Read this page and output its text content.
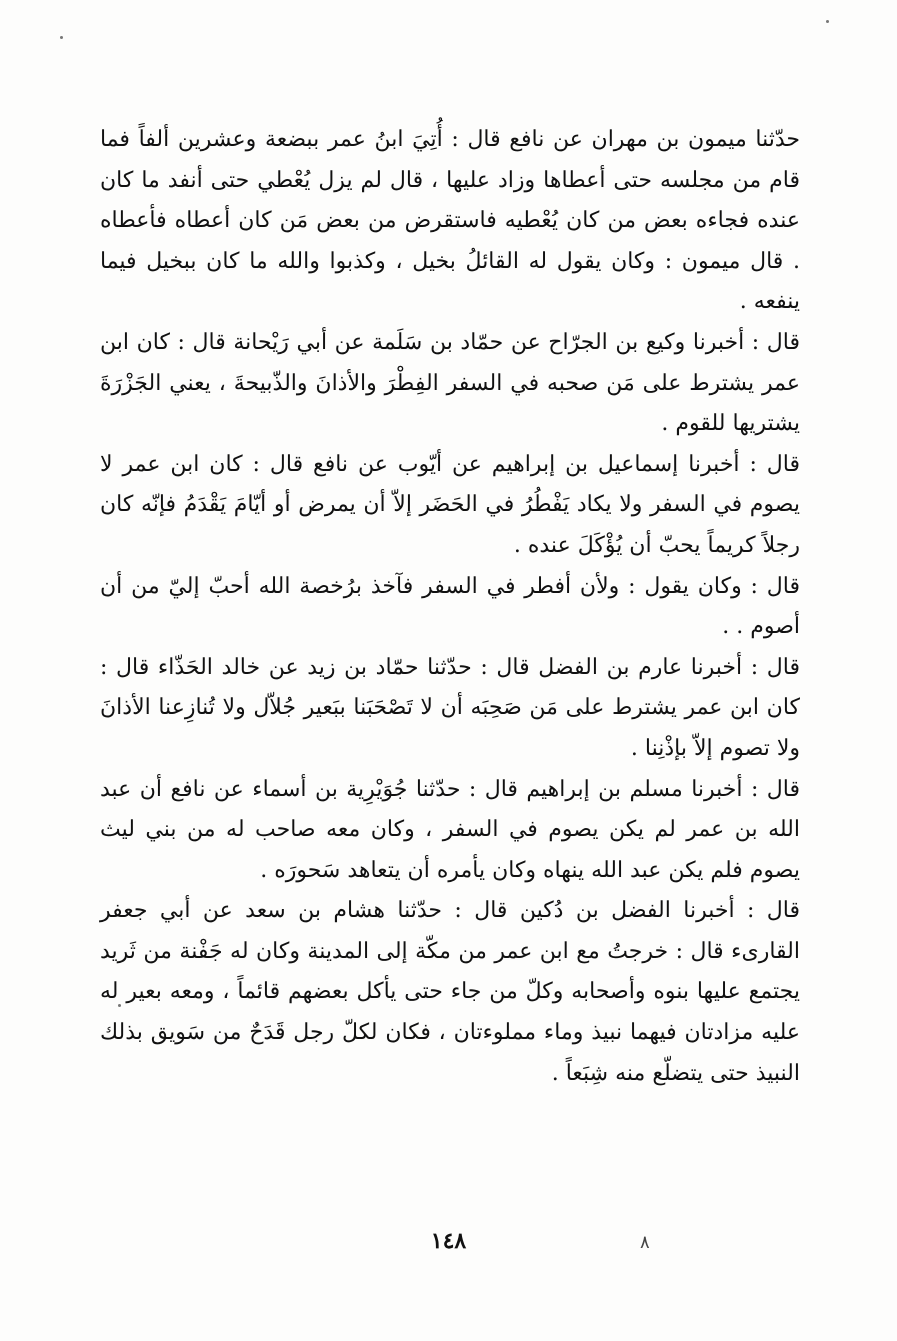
حدّثنا ميمون بن مهران عن نافع قال : أُتِيَ ابنُ عمر ببضعة وعشرين ألفاً فما قام من مجلسه حتى أعطاها وزاد عليها ، قال لم يزل يُعْطي حتى أنفد ما كان عنده فجاءه بعض من كان يُعْطيه فاستقرض من بعض مَن كان أعطاه فأعطاه . قال ميمون : وكان يقول له القائلُ بخيل ، وكذبوا والله ما كان ببخيل فيما ينفعه .

قال : أخبرنا وكيع بن الجرّاح عن حمّاد بن سَلَمة عن أبي رَيْحانة قال : كان ابن عمر يشترط على مَن صحبه في السفر الفِطْرَ والأذانَ والذّبيحةَ ، يعني الجَزْرَةَ يشتريها للقوم .

قال : أخبرنا إسماعيل بن إبراهيم عن أيّوب عن نافع قال : كان ابن عمر لا يصوم في السفر ولا يكاد يَفْطُرُ في الحَضَر إلاّ أن يمرض أو أيّامَ يَقْدَمُ فإنّه كان رجلاً كريماً يحبّ أن يُؤْكَلَ عنده .

قال : وكان يقول : ولأن أفطر في السفر فآخذ برُخصة الله أحبّ إليّ من أن أصوم . .

قال : أخبرنا عارم بن الفضل قال : حدّثنا حمّاد بن زيد عن خالد الحَذّاء قال : كان ابن عمر يشترط على مَن صَحِبَه أن لا تَصْحَبَنا ببَعير جُلاّل ولا تُنازِعنا الأذانَ ولا تصوم إلاّ بإذْنِنا .

قال : أخبرنا مسلم بن إبراهيم قال : حدّثنا جُوَيْرِية بن أسماء عن نافع أن عبد الله بن عمر لم يكن يصوم في السفر ، وكان معه صاحب له من بني ليث يصوم فلم يكن عبد الله ينهاه وكان يأمره أن يتعاهد سَحورَه .

قال : أخبرنا الفضل بن دُكين قال : حدّثنا هشام بن سعد عن أبي جعفر القارىء قال : خرجتُ مع ابن عمر من مكّة إلى المدينة وكان له جَفْنة من ثَريد يجتمع عليها بنوه وأصحابه وكلّ من جاء حتى يأكل بعضهم قائماً ، ومعه بعير له عليه مزادتان فيهما نبيذ وماء مملوءتان ، فكان لكلّ رجل قَدَحٌ من سَويق بذلك النبيذ حتى يتضلّع منه شِبَعاً .

١٤٨	٨
